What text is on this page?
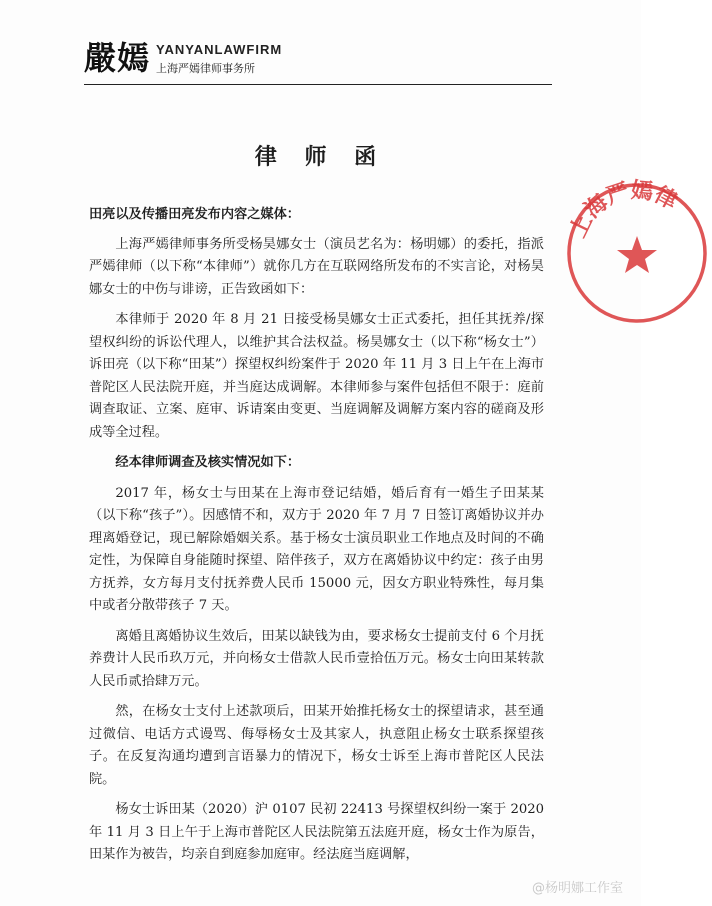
嚴嫣 YANYANLAWFIRM
上海严嫣律师事务所
律 师 函

田亮以及传播田亮发布内容之媒体：

上海严嫣律师事务所受杨昊娜女士（演员艺名为：杨明娜）的委托，指派严嫣律师（以下称“本律师”）就你几方在互联网络所发布的不实言论，对杨昊娜女士的中伤与诽谤，正告致函如下：

本律师于 2020 年 8 月 21 日接受杨昊娜女士正式委托，担任其抚养/探望权纠纷的诉讼代理人，以维护其合法权益。杨昊娜女士（以下称“杨女士”）诉田亮（以下称“田某”）探望权纠纷案件于 2020 年 11 月 3 日上午在上海市普陀区人民法院开庭，并当庭达成调解。本律师参与案件包括但不限于：庭前调查取证、立案、庭审、诉请案由变更、当庭调解及调解方案内容的磋商及形成等全过程。

经本律师调查及核实情况如下：

2017 年，杨女士与田某在上海市登记结婚，婚后育有一婚生子田某某（以下称“孩子”）。因感情不和，双方于 2020 年 7 月 7 日签订离婚协议并办理离婚登记，现已解除婚姻关系。基于杨女士演员职业工作地点及时间的不确定性，为保障自身能随时探望、陪伴孩子，双方在离婚协议中约定：孩子由男方抚养，女方每月支付抚养费人民币 15000 元，因女方职业特殊性，每月集中或者分散带孩子 7 天。

离婚且离婚协议生效后，田某以缺钱为由，要求杨女士提前支付 6 个月抚养费计人民币玖万元，并向杨女士借款人民币壹拾伍万元。杨女士向田某转款人民币贰拾肆万元。

然，在杨女士支付上述款项后，田某开始推托杨女士的探望请求，甚至通过微信、电话方式谩骂、侮辱杨女士及其家人，执意阻止杨女士联系探望孩子。在反复沟通均遭到言语暴力的情况下，杨女士诉至上海市普陀区人民法院。

杨女士诉田某（2020）沪 0107 民初 22413 号探望权纠纷一案于 2020 年 11 月 3 日上午于上海市普陀区人民法院第五法庭开庭，杨女士作为原告，田某作为被告，均亲自到庭参加庭审。经法庭当庭调解，

上海严嫣律
@杨明娜工作室
